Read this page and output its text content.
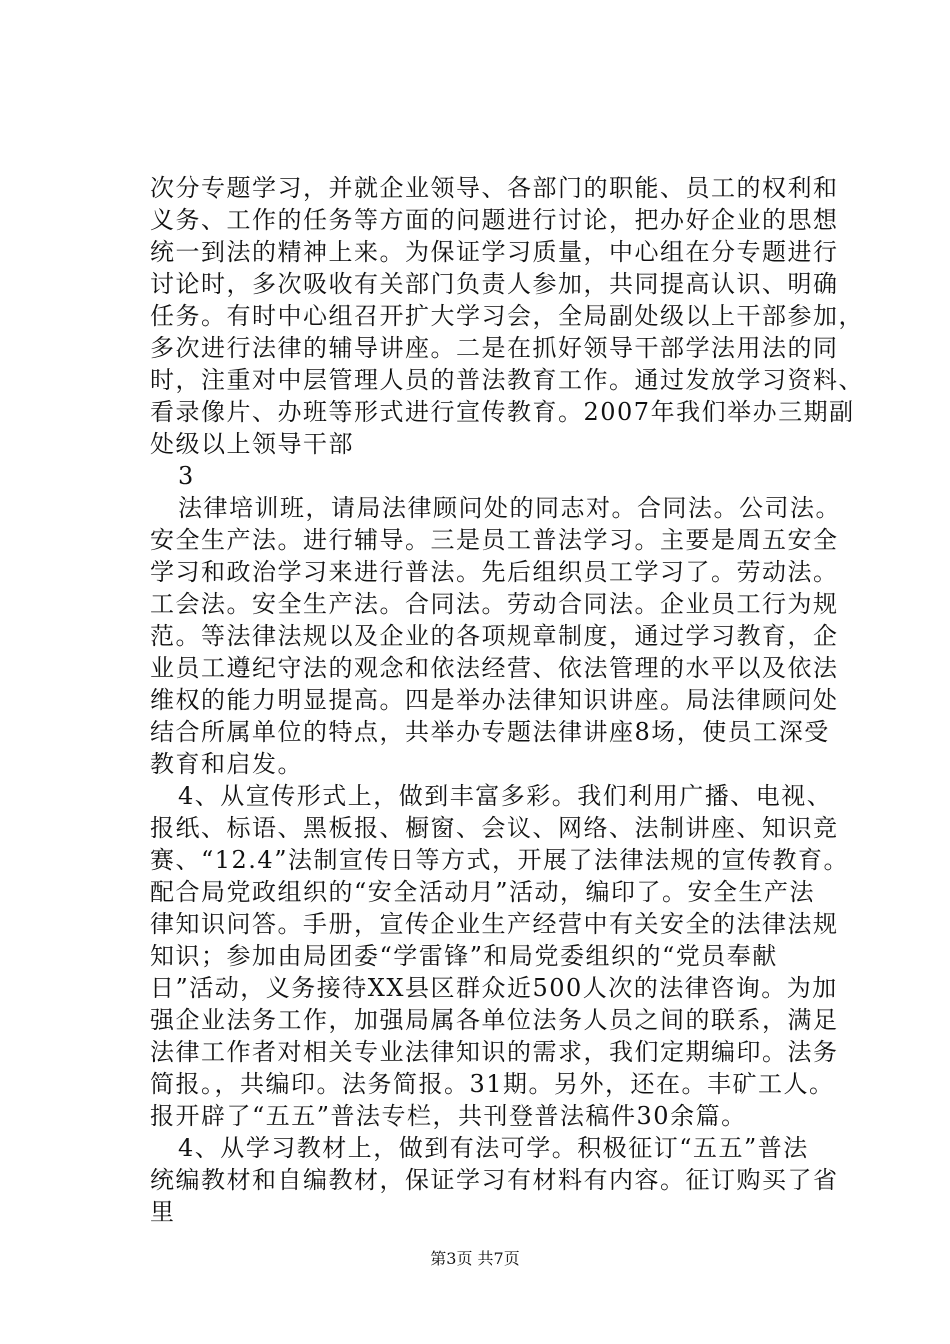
次分专题学习，并就企业领导、各部门的职能、员工的权利和
义务、工作的任务等方面的问题进行讨论，把办好企业的思想
统一到法的精神上来。为保证学习质量，中心组在分专题进行
讨论时，多次吸收有关部门负责人参加，共同提高认识、明确
任务。有时中心组召开扩大学习会，全局副处级以上干部参加，
多次进行法律的辅导讲座。二是在抓好领导干部学法用法的同
时，注重对中层管理人员的普法教育工作。通过发放学习资料、
看录像片、办班等形式进行宣传教育。2007年我们举办三期副
处级以上领导干部
3
法律培训班，请局法律顾问处的同志对。合同法。公司法。
安全生产法。进行辅导。三是员工普法学习。主要是周五安全
学习和政治学习来进行普法。先后组织员工学习了。劳动法。
工会法。安全生产法。合同法。劳动合同法。企业员工行为规
范。等法律法规以及企业的各项规章制度，通过学习教育，企
业员工遵纪守法的观念和依法经营、依法管理的水平以及依法
维权的能力明显提高。四是举办法律知识讲座。局法律顾问处
结合所属单位的特点，共举办专题法律讲座8场，使员工深受
教育和启发。
4、从宣传形式上，做到丰富多彩。我们利用广播、电视、
报纸、标语、黑板报、橱窗、会议、网络、法制讲座、知识竞
赛、“12.4”法制宣传日等方式，开展了法律法规的宣传教育。
配合局党政组织的“安全活动月”活动，编印了。安全生产法
律知识问答。手册，宣传企业生产经营中有关安全的法律法规
知识；参加由局团委“学雷锋”和局党委组织的“党员奉献
日”活动，义务接待XX县区群众近500人次的法律咨询。为加
强企业法务工作，加强局属各单位法务人员之间的联系，满足
法律工作者对相关专业法律知识的需求，我们定期编印。法务
简报。，共编印。法务简报。31期。另外，还在。丰矿工人。
报开辟了“五五”普法专栏，共刊登普法稿件30余篇。
4、从学习教材上，做到有法可学。积极征订“五五”普法
统编教材和自编教材，保证学习有材料有内容。征订购买了省
里
第3页 共7页
